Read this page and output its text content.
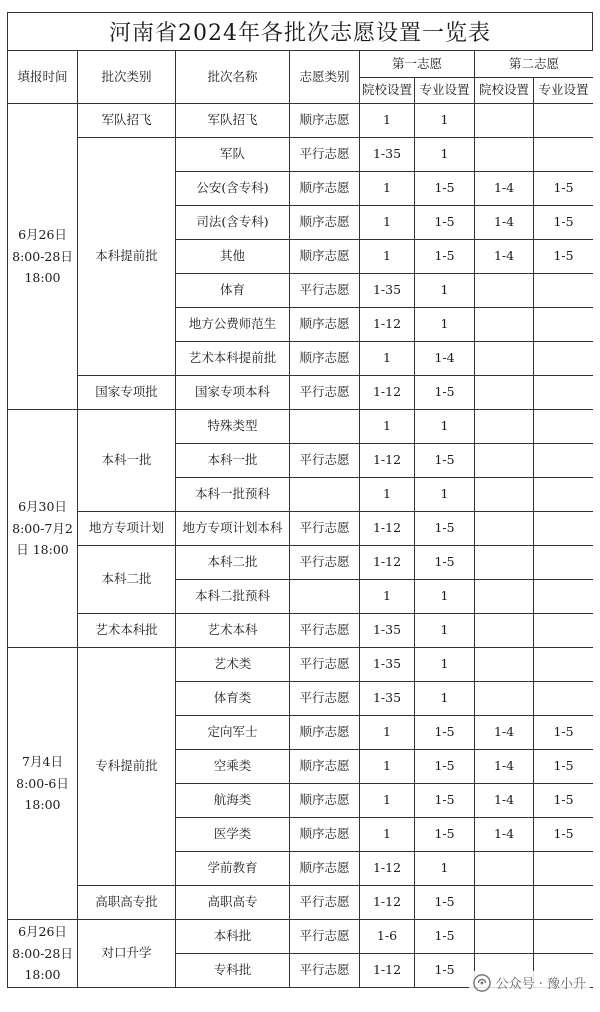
河南省2024年各批次志愿设置一览表
填报时间	批次类别	批次名称	志愿类别	第一志愿		第二志愿	
				院校设置	专业设置	院校设置	专业设置
6月26日 8:00-28日 18:00	军队招飞	军队招飞	顺序志愿	1	1		
	本科提前批	军队	平行志愿	1-35	1		
		公安(含专科)	顺序志愿	1	1-5	1-4	1-5
		司法(含专科)	顺序志愿	1	1-5	1-4	1-5
		其他	顺序志愿	1	1-5	1-4	1-5
		体育	平行志愿	1-35	1		
		地方公费师范生	顺序志愿	1-12	1		
		艺术本科提前批	顺序志愿	1	1-4		
	国家专项批	国家专项本科	平行志愿	1-12	1-5		
6月30日 8:00-7月2日 18:00	本科一批	特殊类型		1	1		
		本科一批	平行志愿	1-12	1-5		
		本科一批预科		1	1		
	地方专项计划	地方专项计划本科	平行志愿	1-12	1-5		
	本科二批	本科二批	平行志愿	1-12	1-5		
		本科二批预科		1	1		
	艺术本科批	艺术本科	平行志愿	1-35	1		
7月4日 8:00-6日 18:00	专科提前批	艺术类	平行志愿	1-35	1		
		体育类	平行志愿	1-35	1		
		定向军士	顺序志愿	1	1-5	1-4	1-5
		空乘类	顺序志愿	1	1-5	1-4	1-5
		航海类	顺序志愿	1	1-5	1-4	1-5
		医学类	顺序志愿	1	1-5	1-4	1-5
		学前教育	顺序志愿	1-12	1		
	高职高专批	高职高专	平行志愿	1-12	1-5		
6月26日 8:00-28日 18:00	对口升学	本科批	平行志愿	1-6	1-5		
		专科批	平行志愿	1-12	1-5		
公众号 · 豫小升
